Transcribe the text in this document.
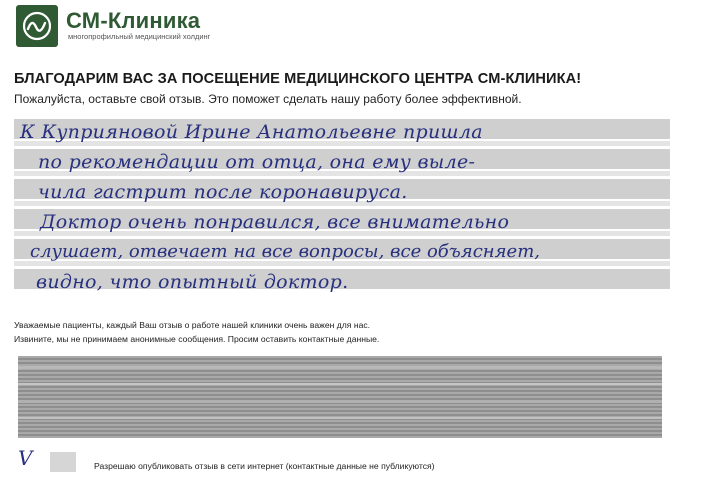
СМ-Клиника
многопрофильный медицинский холдинг
БЛАГОДАРИМ ВАС ЗА ПОСЕЩЕНИЕ МЕДИЦИНСКОГО ЦЕНТРА СМ-КЛИНИКА!
Пожалуйста, оставьте свой отзыв. Это поможет сделать нашу работу более эффективной.
К Куприяновой Ирине Анатольевне пришла
по рекомендации от отца, она ему выле-
чила гастрит после коронавируса.
Доктор очень понравился, все внимательно
слушает, отвечает на все вопросы, все объясняет,
видно, что опытный доктор.
Уважаемые пациенты, каждый Ваш отзыв о работе нашей клиники очень важен для нас.
Извините, мы не принимаем анонимные сообщения. Просим оставить контактные данные.
V	Разрешаю опубликовать отзыв в сети интернет (контактные данные не публикуются)
